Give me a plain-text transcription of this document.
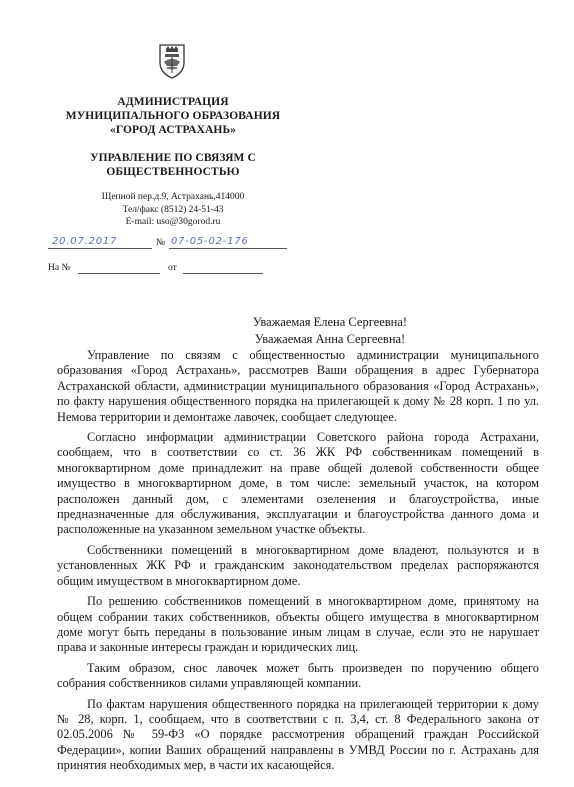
АДМИНИСТРАЦИЯ
МУНИЦИПАЛЬНОГО ОБРАЗОВАНИЯ
«ГОРОД АСТРАХАНЬ»
УПРАВЛЕНИЕ ПО СВЯЗЯМ С
ОБЩЕСТВЕННОСТЬЮ
Щепной пер.д.9, Астрахань,414000
Тел/факс (8512) 24-51-43
E-mail: uso@30gorod.ru
20.07.2017	№ 07-05-02-176
На №	от
Уважаемая Елена Сергеевна!
Уважаемая Анна Сергеевна!

Управление по связям с общественностью администрации муниципального образования «Город Астрахань», рассмотрев Ваши обращения в адрес Губернатора Астраханской области, администрации муниципального образования «Город Астрахань», по факту нарушения общественного порядка на прилегающей к дому № 28 корп. 1 по ул. Немова территории и демонтаже лавочек, сообщает следующее.

Согласно информации администрации Советского района города Астрахани, сообщаем, что в соответствии со ст. 36 ЖК РФ собственникам помещений в многоквартирном доме принадлежит на праве общей долевой собственности общее имущество в многоквартирном доме, в том числе: земельный участок, на котором расположен данный дом, с элементами озеленения и благоустройства, иные предназначенные для обслуживания, эксплуатации и благоустройства данного дома и расположенные на указанном земельном участке объекты.

Собственники помещений в многоквартирном доме владеют, пользуются и в установленных ЖК РФ и гражданским законодательством пределах распоряжаются общим имуществом в многоквартирном доме.

По решению собственников помещений в многоквартирном доме, принятому на общем собрании таких собственников, объекты общего имущества в многоквартирном доме могут быть переданы в пользование иным лицам в случае, если это не нарушает права и законные интересы граждан и юридических лиц.

Таким образом, снос лавочек может быть произведен по поручению общего собрания собственников силами управляющей компании.

По фактам нарушения общественного порядка на прилегающей территории к дому № 28, корп. 1, сообщаем, что в соответствии с п. 3,4, ст. 8 Федерального закона от 02.05.2006 № 59-ФЗ «О порядке рассмотрения обращений граждан Российской Федерации», копии Ваших обращений направлены в УМВД России по г. Астрахань для принятия необходимых мер, в части их касающейся.
